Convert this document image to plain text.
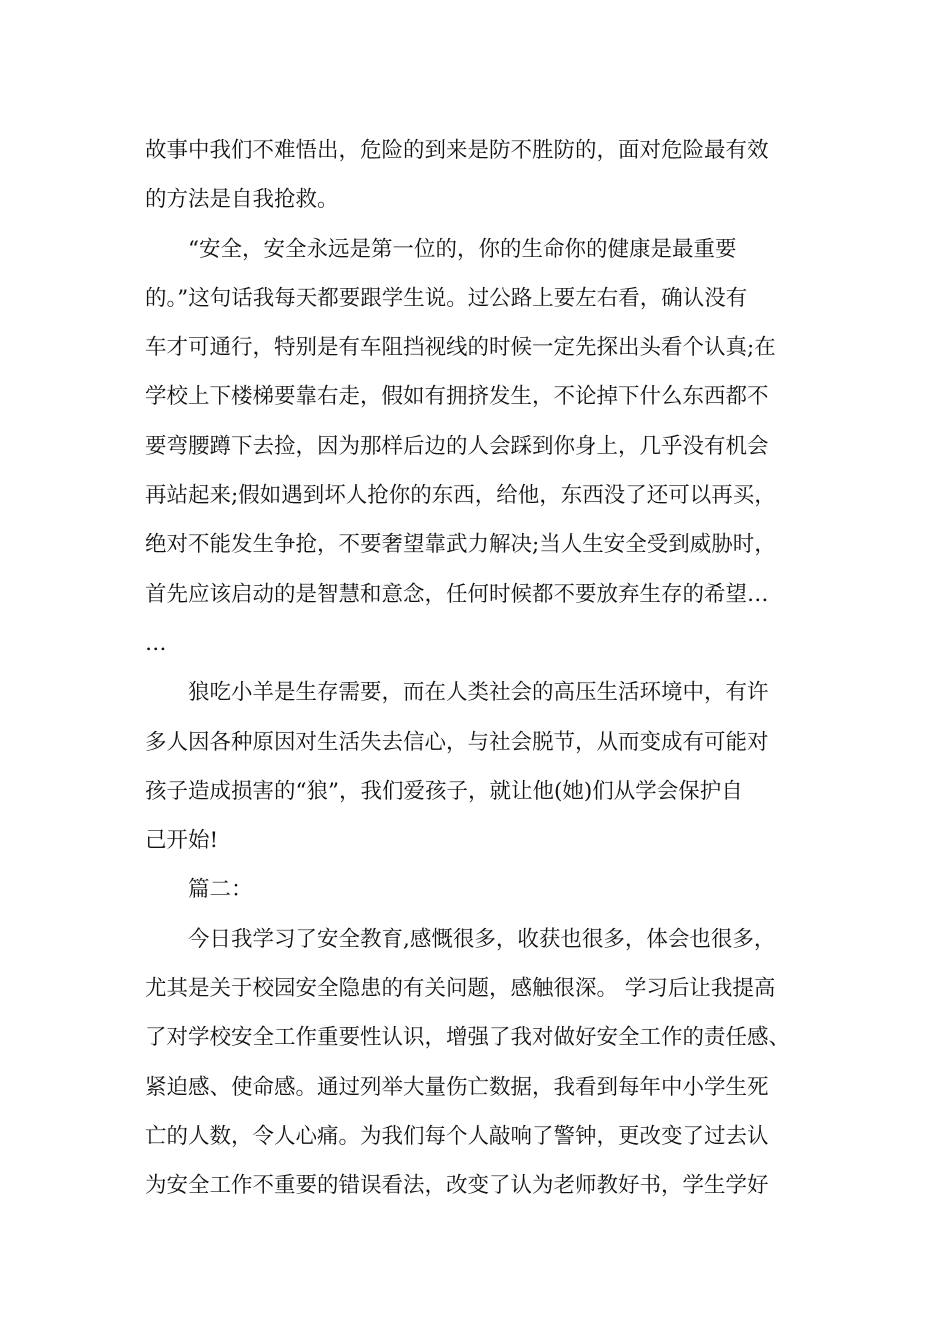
故事中我们不难悟出，危险的到来是防不胜防的，面对危险最有效
的方法是自我抢救。
“安全，安全永远是第一位的，你的生命你的健康是最重要
的。”这句话我每天都要跟学生说。过公路上要左右看，确认没有
车才可通行，特别是有车阻挡视线的时候一定先探出头看个认真;在
学校上下楼梯要靠右走，假如有拥挤发生，不论掉下什么东西都不
要弯腰蹲下去捡，因为那样后边的人会踩到你身上，几乎没有机会
再站起来;假如遇到坏人抢你的东西，给他，东西没了还可以再买，
绝对不能发生争抢，不要奢望靠武力解决;当人生安全受到威胁时，
首先应该启动的是智慧和意念，任何时候都不要放弃生存的希望…
…
狼吃小羊是生存需要，而在人类社会的高压生活环境中，有许
多人因各种原因对生活失去信心，与社会脱节，从而变成有可能对
孩子造成损害的“狼”，我们爱孩子，就让他(她)们从学会保护自
己开始!
篇二：
今日我学习了安全教育,感慨很多，收获也很多，体会也很多，
尤其是关于校园安全隐患的有关问题，感触很深。 学习后让我提高
了对学校安全工作重要性认识，增强了我对做好安全工作的责任感、
紧迫感、使命感。通过列举大量伤亡数据，我看到每年中小学生死
亡的人数，令人心痛。为我们每个人敲响了警钟，更改变了过去认
为安全工作不重要的错误看法，改变了认为老师教好书，学生学好
